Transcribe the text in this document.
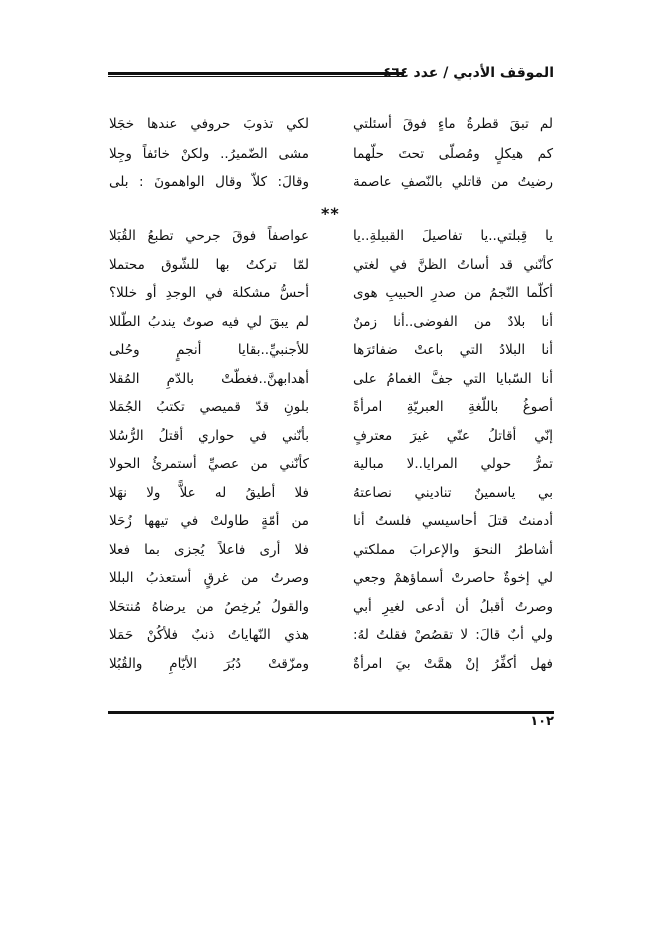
الموقف الأدبي / عدد ٤٦٤
لم تبقَ قطرةُ ماءٍ فوقَ أسئلتي
لكي تذوبَ حروفي عندها خجَلا
كم هيكلٍ ومُصلّى تحتَ حلّهما
مشى الضّميرُ.. ولكنْ خائفاً وجِلا
رضيتُ من قاتلي بالنّصفِ عاصمة
وقالَ: كلاّ وقال الواهمونَ : بلى
**
يا قِبلتي..يا تفاصيلَ القبيلةِ..يا
عواصفاً فوقَ جرحي تطبعُ القُبَلا
كأنّني قد أساتُ الظنَّ في لغتي
لمّا تركتُ بها للشّوق محتملا
أكلّما النّجمُ من صدرِ الحبيبِ هوى
أحسُّ مشكلة في الوجدِ أو خللا؟
أنا بلادٌ من الفوضى..أنا زمنٌ
لم يبقَ لي فيه صوتٌ يندبُ الطّللا
أنا البلادُ التي باعتْ ضفائرَها
للأجنبيِّ..بقايا أنجمٍ وحُلى
أنا السّبايا التي جفَّ الغمامُ على
أهدابهنَّ..فغطّتْ بالدّمِ المُقلا
أصوغُ باللّغةِ العبريّةِ امرأةً
بلونِ قدّ قميصي تكتبُ الجُمَلا
إنّي أقاتلُ عنّي غيرَ معترفٍ
بأنّني في حواري أقتلُ الرُّسُلا
تمرُّ حولي المرايا..لا مبالية
كأنّني من عصيِّ أستمرئُ الحولا
بي ياسمينٌ تناديني نصاعتهُ
فلا أطيقُ له علاًّ ولا نهَلا
أدمنتُ قتلَ أحاسيسي فلستُ أنا
من أمّةٍ طاولتْ في تيهها زُحَلا
أشاطرُ النحوَ والإعرابَ مملكتي
فلا أرى فاعلاً يُجزى بما فعلا
لي إخوةٌ حاصرتْ أسماؤهمْ وجعي
وصرتُ من غرقٍ أستعذبُ البللا
وصرتُ أقبلُ أن أدعى لغيرِ أبي
والقولُ يُرخِصُ من يرضاهُ مُنتحَلا
ولي أبٌ قالَ: لا تقصُصْ فقلتُ لهُ:
هذي النّهاياتُ ذنبٌ فلأكُنْ حَمَلا
فهل أكفِّرُ إنْ همَّتْ بيَ امرأةٌ
ومزّقتْ دُبُرَ الأيّامِ والقُبُلا
١٠٢
